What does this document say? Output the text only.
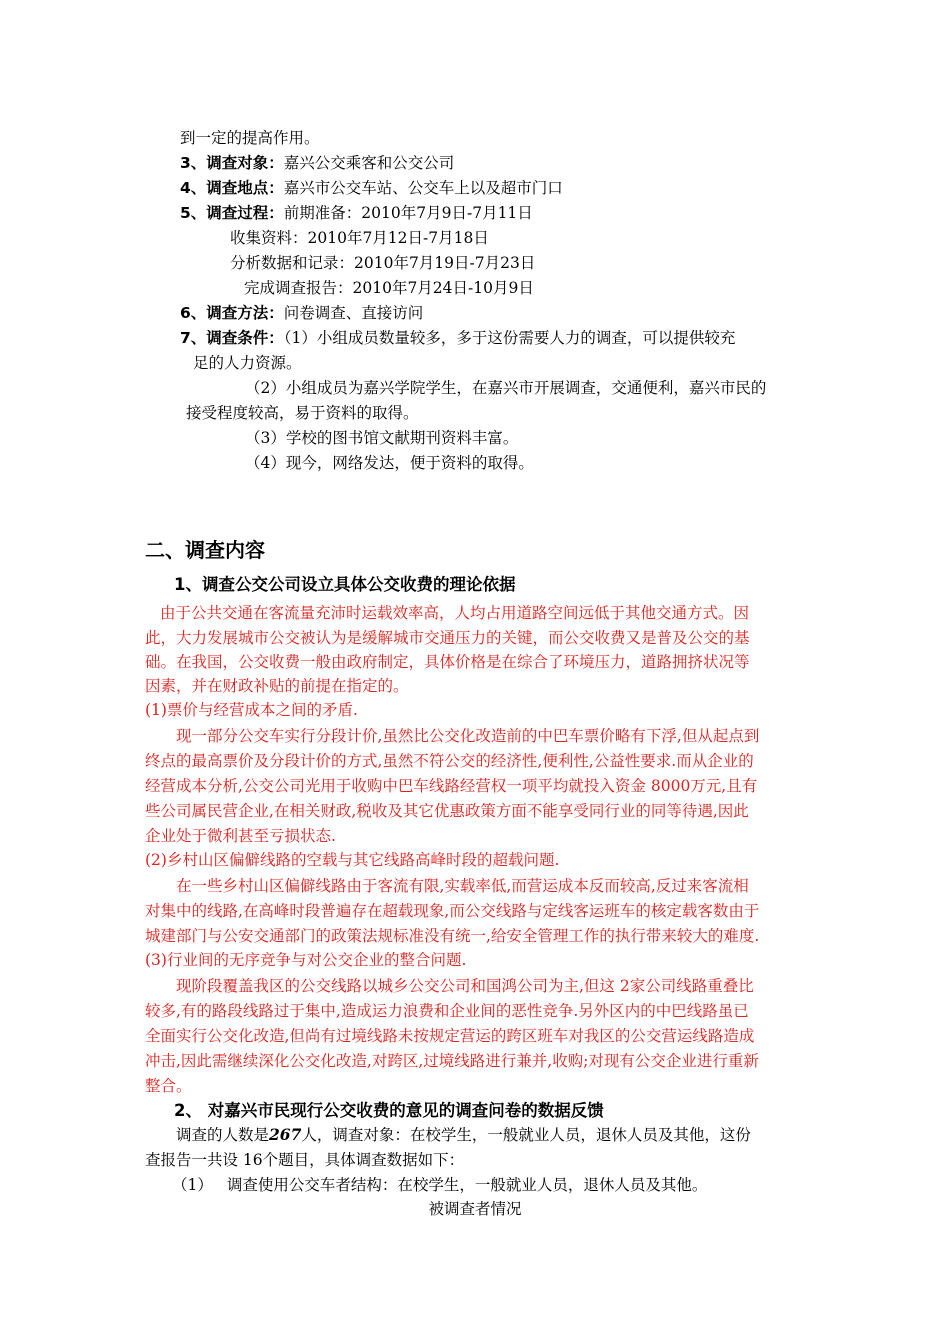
到一定的提高作用。
3、调查对象：嘉兴公交乘客和公交公司
4、调查地点：嘉兴市公交车站、公交车上以及超市门口
5、调查过程：前期准备：2010年7月9日-7月11日
收集资料：2010年7月12日-7月18日
分析数据和记录：2010年7月19日-7月23日
完成调查报告：2010年7月24日-10月9日
6、调查方法：问卷调查、直接访问
7、调查条件：（1）小组成员数量较多，多于这份需要人力的调查，可以提供较充
足的人力资源。
（2）小组成员为嘉兴学院学生，在嘉兴市开展调查，交通便利，嘉兴市民的
接受程度较高，易于资料的取得。
（3）学校的图书馆文献期刊资料丰富。
（4）现今，网络发达，便于资料的取得。
二、调查内容
1、调查公交公司设立具体公交收费的理论依据
由于公共交通在客流量充沛时运载效率高，人均占用道路空间远低于其他交通方式。因
此，大力发展城市公交被认为是缓解城市交通压力的关键，而公交收费又是普及公交的基
础。在我国，公交收费一般由政府制定，具体价格是在综合了环境压力，道路拥挤状况等
因素，并在财政补贴的前提在指定的。
(1)票价与经营成本之间的矛盾.
现一部分公交车实行分段计价,虽然比公交化改造前的中巴车票价略有下浮,但从起点到
终点的最高票价及分段计价的方式,虽然不符公交的经济性,便利性,公益性要求.而从企业的
经营成本分析,公交公司光用于收购中巴车线路经营权一项平均就投入资金 8000万元,且有
些公司属民营企业,在相关财政,税收及其它优惠政策方面不能享受同行业的同等待遇,因此
企业处于微利甚至亏损状态.
(2)乡村山区偏僻线路的空载与其它线路高峰时段的超载问题.
在一些乡村山区偏僻线路由于客流有限,实载率低,而营运成本反而较高,反过来客流相
对集中的线路,在高峰时段普遍存在超载现象,而公交线路与定线客运班车的核定载客数由于
城建部门与公安交通部门的政策法规标准没有统一,给安全管理工作的执行带来较大的难度.
(3)行业间的无序竞争与对公交企业的整合问题.
现阶段覆盖我区的公交线路以城乡公交公司和国鸿公司为主,但这 2家公司线路重叠比
较多,有的路段线路过于集中,造成运力浪费和企业间的恶性竞争.另外区内的中巴线路虽已
全面实行公交化改造,但尚有过境线路未按规定营运的跨区班车对我区的公交营运线路造成
冲击,因此需继续深化公交化改造,对跨区,过境线路进行兼并,收购;对现有公交企业进行重新
整合。
2、 对嘉兴市民现行公交收费的意见的调查问卷的数据反馈
调查的人数是267人，调查对象：在校学生，一般就业人员，退休人员及其他，这份
查报告一共设 16个题目，具体调查数据如下：
（1） 调查使用公交车者结构：在校学生，一般就业人员，退休人员及其他。
被调查者情况
